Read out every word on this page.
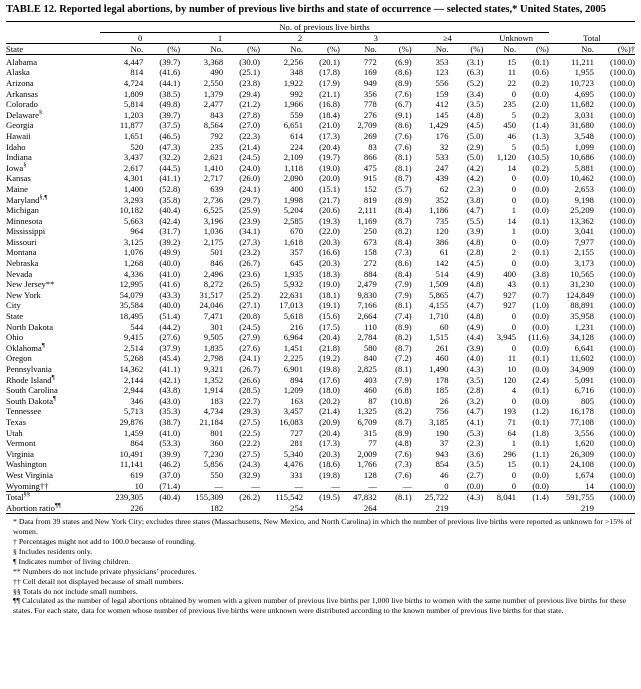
TABLE 12. Reported legal abortions, by number of previous live births and state of occurrence — selected states,* United States, 2005
	No. of previous live births													
	0		1		2		3		≥4		Unknown		Total	
State	No.	(%)	No.	(%)	No.	(%)	No.	(%)	No.	(%)	No.	(%)	No.	(%)†

Alabama	4,447	(39.7)	3,368	(30.0)	2,256	(20.1)	772	(6.9)	353	(3.1)	15	(0.1)	11,211	(100.0)
Alaska	814	(41.6)	490	(25.1)	348	(17.8)	169	(8.6)	123	(6.3)	11	(0.6)	1,955	(100.0)
Arizona	4,724	(44.1)	2,550	(23.8)	1,922	(17.9)	949	(8.9)	556	(5.2)	22	(0.2)	10,723	(100.0)
Arkansas	1,809	(38.5)	1,379	(29.4)	992	(21.1)	356	(7.6)	159	(3.4)	0	(0.0)	4,695	(100.0)
Colorado	5,814	(49.8)	2,477	(21.2)	1,966	(16.8)	778	(6.7)	412	(3.5)	235	(2.0)	11,682	(100.0)
Delaware§	1,203	(39.7)	843	(27.8)	559	(18.4)	276	(9.1)	145	(4.8)	5	(0.2)	3,031	(100.0)
Georgia	11,877	(37.5)	8,564	(27.0)	6,651	(21.0)	2,709	(8.6)	1,429	(4.5)	450	(1.4)	31,680	(100.0)
Hawaii	1,651	(46.5)	792	(22.3)	614	(17.3)	269	(7.6)	176	(5.0)	46	(1.3)	3,548	(100.0)
Idaho	520	(47.3)	235	(21.4)	224	(20.4)	83	(7.6)	32	(2.9)	5	(0.5)	1,099	(100.0)
Indiana	3,437	(32.2)	2,621	(24.5)	2,109	(19.7)	866	(8.1)	533	(5.0)	1,120	(10.5)	10,686	(100.0)
Iowa§	2,617	(44.5)	1,410	(24.0)	1,118	(19.0)	475	(8.1)	247	(4.2)	14	(0.2)	5,881	(100.0)
Kansas	4,301	(41.1)	2,717	(26.0)	2,090	(20.0)	915	(8.7)	439	(4.2)	0	(0.0)	10,462	(100.0)
Maine	1,400	(52.8)	639	(24.1)	400	(15.1)	152	(5.7)	62	(2.3)	0	(0.0)	2,653	(100.0)
Maryland§,¶	3,293	(35.8)	2,736	(29.7)	1,998	(21.7)	819	(8.9)	352	(3.8)	0	(0.0)	9,198	(100.0)
Michigan	10,182	(40.4)	6,525	(25.9)	5,204	(20.6)	2,111	(8.4)	1,186	(4.7)	1	(0.0)	25,209	(100.0)
Minnesota	5,663	(42.4)	3,196	(23.9)	2,585	(19.3)	1,169	(8.7)	735	(5.5)	14	(0.1)	13,362	(100.0)
Mississippi	964	(31.7)	1,036	(34.1)	670	(22.0)	250	(8.2)	120	(3.9)	1	(0.0)	3,041	(100.0)
Missouri	3,125	(39.2)	2,175	(27.3)	1,618	(20.3)	673	(8.4)	386	(4.8)	0	(0.0)	7,977	(100.0)
Montana	1,076	(49.9)	501	(23.2)	357	(16.6)	158	(7.3)	61	(2.8)	2	(0.1)	2,155	(100.0)
Nebraska	1,268	(40.0)	846	(26.7)	645	(20.3)	272	(8.6)	142	(4.5)	0	(0.0)	3,173	(100.0)
Nevada	4,336	(41.0)	2,496	(23.6)	1,935	(18.3)	884	(8.4)	514	(4.9)	400	(3.8)	10,565	(100.0)
New Jersey**	12,995	(41.6)	8,272	(26.5)	5,932	(19.0)	2,479	(7.9)	1,509	(4.8)	43	(0.1)	31,230	(100.0)
New York	54,079	(43.3)	31,517	(25.2)	22,631	(18.1)	9,830	(7.9)	5,865	(4.7)	927	(0.7)	124,849	(100.0)
City	35,584	(40.0)	24,046	(27.1)	17,013	(19.1)	7,166	(8.1)	4,155	(4.7)	927	(1.0)	88,891	(100.0)
State	18,495	(51.4)	7,471	(20.8)	5,618	(15.6)	2,664	(7.4)	1,710	(4.8)	0	(0.0)	35,958	(100.0)
North Dakota	544	(44.2)	301	(24.5)	216	(17.5)	110	(8.9)	60	(4.9)	0	(0.0)	1,231	(100.0)
Ohio	9,415	(27.6)	9,505	(27.9)	6,964	(20.4)	2,784	(8.2)	1,515	(4.4)	3,945	(11.6)	34,128	(100.0)
Oklahoma¶	2,514	(37.9)	1,835	(27.6)	1,451	(21.8)	580	(8.7)	261	(3.9)	0	(0.0)	6,641	(100.0)
Oregon	5,268	(45.4)	2,798	(24.1)	2,225	(19.2)	840	(7.2)	460	(4.0)	11	(0.1)	11,602	(100.0)
Pennsylvania	14,362	(41.1)	9,321	(26.7)	6,901	(19.8)	2,825	(8.1)	1,490	(4.3)	10	(0.0)	34,909	(100.0)
Rhode Island¶	2,144	(42.1)	1,352	(26.6)	894	(17.6)	403	(7.9)	178	(3.5)	120	(2.4)	5,091	(100.0)
South Carolina	2,944	(43.8)	1,914	(28.5)	1,209	(18.0)	460	(6.8)	185	(2.8)	4	(0.1)	6,716	(100.0)
South Dakota¶	346	(43.0)	183	(22.7)	163	(20.2)	87	(10.8)	26	(3.2)	0	(0.0)	805	(100.0)
Tennessee	5,713	(35.3)	4,734	(29.3)	3,457	(21.4)	1,325	(8.2)	756	(4.7)	193	(1.2)	16,178	(100.0)
Texas	29,876	(38.7)	21,184	(27.5)	16,083	(20.9)	6,709	(8.7)	3,185	(4.1)	71	(0.1)	77,108	(100.0)
Utah	1,459	(41.0)	801	(22.5)	727	(20.4)	315	(8.9)	190	(5.3)	64	(1.8)	3,556	(100.0)
Vermont	864	(53.3)	360	(22.2)	281	(17.3)	77	(4.8)	37	(2.3)	1	(0.1)	1,620	(100.0)
Virginia	10,491	(39.9)	7,230	(27.5)	5,340	(20.3)	2,009	(7.6)	943	(3.6)	296	(1.1)	26,309	(100.0)
Washington	11,141	(46.2)	5,856	(24.3)	4,476	(18.6)	1,766	(7.3)	854	(3.5)	15	(0.1)	24,108	(100.0)
West Virginia	619	(37.0)	550	(32.9)	331	(19.8)	128	(7.6)	46	(2.7)	0	(0.0)	1,674	(100.0)
Wyoming††	10	(71.4)	—	—	—	—	—	—	0	(0.0)	0	(0.0)	14	(100.0)
Total§§	239,305	(40.4)	155,309	(26.2)	115,542	(19.5)	47,832	(8.1)	25,722	(4.3)	8,041	(1.4)	591,755	(100.0)
Abortion ratio¶¶	226		182		254		264		219				219	

* Data from 39 states and New York City; excludes three states (Massachusetts, New Mexico, and North Carolina) in which the number of previous live births were reported as unknown for >15% of women.

† Percentages might not add to 100.0 because of rounding.

§ Includes residents only.

¶ Indicates number of living children.

** Numbers do not include private physicians’ procedures.

†† Cell detail not displayed because of small numbers.

§§ Totals do not include small numbers.

¶¶ Calculated as the number of legal abortions obtained by women with a given number of previous live births per 1,000 live births to women with the same number of previous live births for these states. For each state, data for women whose number of previous live births were unknown were distributed according to the known number of previous live births for that state.
